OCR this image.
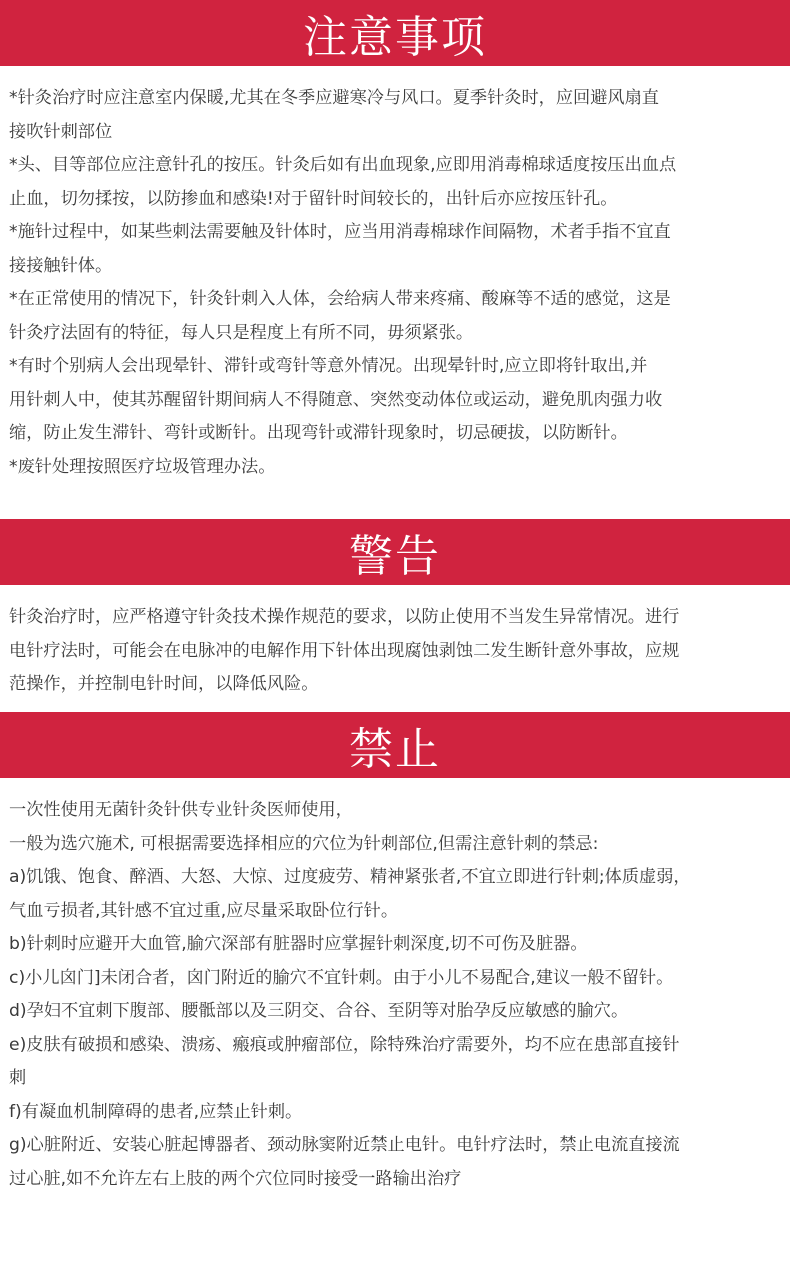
注意事项

*针灸治疗时应注意室内保暖,尤其在冬季应避寒冷与风口。夏季针灸时，应回避风扇直

接吹针刺部位

*头、目等部位应注意针孔的按压。针灸后如有出血现象,应即用消毒棉球适度按压出血点

止血，切勿揉按，以防掺血和感染!对于留针时间较长的，出针后亦应按压针孔。

*施针过程中，如某些刺法需要触及针体时，应当用消毒棉球作间隔物，术者手指不宜直

接接触针体。

*在正常使用的情况下，针灸针刺入人体，会给病人带来疼痛、酸麻等不适的感觉，这是

针灸疗法固有的特征，每人只是程度上有所不同，毋须紧张。

*有时个别病人会出现晕针、滞针或弯针等意外情况。出现晕针时,应立即将针取出,并

用针刺人中，使其苏醒留针期间病人不得随意、突然变动体位或运动，避免肌肉强力收

缩，防止发生滞针、弯针或断针。出现弯针或滞针现象时，切忌硬拔，以防断针。

*废针处理按照医疗垃圾管理办法。

警告

针灸治疗时，应严格遵守针灸技术操作规范的要求，以防止使用不当发生异常情况。进行

电针疗法时，可能会在电脉冲的电解作用下针体出现腐蚀剥蚀二发生断针意外事故，应规

范操作，并控制电针时间，以降低风险。

禁止

一次性使用无菌针灸针供专业针灸医师使用，

一般为选穴施术, 可根据需要选择相应的穴位为针刺部位,但需注意针刺的禁忌:

a)饥饿、饱食、醉酒、大怒、大惊、过度疲劳、精神紧张者,不宜立即进行针刺;体质虚弱，

气血亏损者,其针感不宜过重,应尽量采取卧位行针。

b)针刺时应避开大血管,腧穴深部有脏器时应掌握针刺深度,切不可伤及脏器。

c)小儿囟门]未闭合者，囟门附近的腧穴不宜针刺。由于小儿不易配合,建议一般不留针。

d)孕妇不宜刺下腹部、腰骶部以及三阴交、合谷、至阴等对胎孕反应敏感的腧穴。

e)皮肤有破损和感染、溃疡、瘢痕或肿瘤部位，除特殊治疗需要外，均不应在患部直接针

刺

f)有凝血机制障碍的患者,应禁止针刺。

g)心脏附近、安装心脏起博器者、颈动脉窦附近禁止电针。电针疗法时，禁止电流直接流

过心脏,如不允许左右上肢的两个穴位同时接受一路输出治疗
